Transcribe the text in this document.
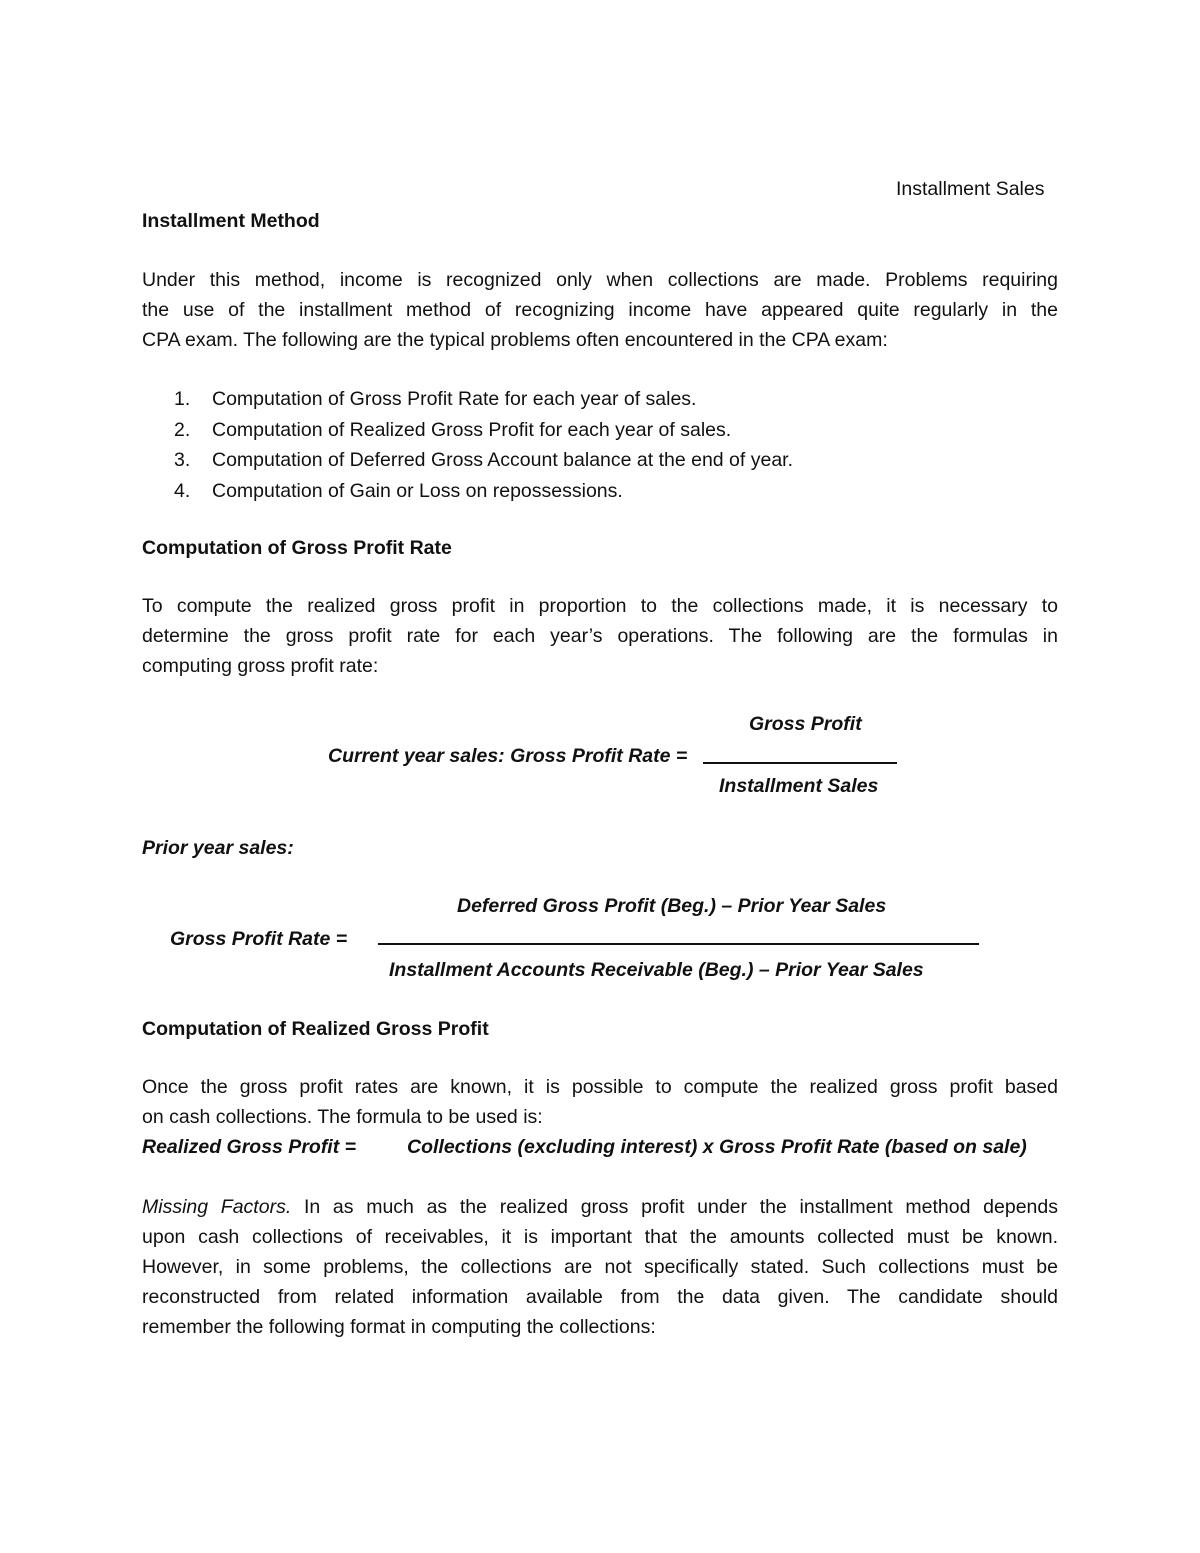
Installment Sales
Installment Method
Under this method, income is recognized only when collections are made. Problems requiring
the use of the installment method of recognizing income have appeared quite regularly in the
CPA exam. The following are the typical problems often encountered in the CPA exam:
1.	Computation of Gross Profit Rate for each year of sales.
2.	Computation of Realized Gross Profit for each year of sales.
3.	Computation of Deferred Gross Account balance at the end of year.
4.	Computation of Gain or Loss on repossessions.
Computation of Gross Profit Rate
To compute the realized gross profit in proportion to the collections made, it is necessary to
determine the gross profit rate for each year’s operations. The following are the formulas in
computing gross profit rate:
Gross Profit
Current year sales: Gross Profit Rate =
Installment Sales
Prior year sales:
Deferred Gross Profit (Beg.) – Prior Year Sales
Gross Profit Rate =
Installment Accounts Receivable (Beg.) – Prior Year Sales
Computation of Realized Gross Profit
Once the gross profit rates are known, it is possible to compute the realized gross profit based
on cash collections. The formula to be used is:
Realized Gross Profit =	Collections (excluding interest) x Gross Profit Rate (based on sale)
Missing Factors. In as much as the realized gross profit under the installment method depends
upon cash collections of receivables, it is important that the amounts collected must be known.
However, in some problems, the collections are not specifically stated. Such collections must be
reconstructed from related information available from the data given. The candidate should
remember the following format in computing the collections:
